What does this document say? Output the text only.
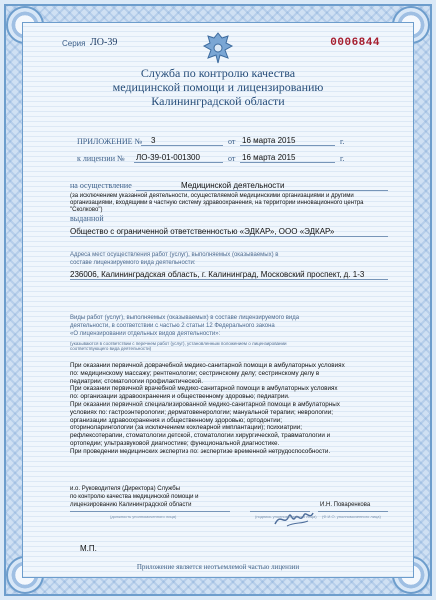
Серия ЛО-39	0006844
Служба по контролю качества
медицинской помощи и лицензированию
Калининградской области
ПРИЛОЖЕНИЕ № 3	от 16 марта 2015	г.
к лицензии № ЛО-39-01-001300	от 16 марта 2015	г.
на осуществление	Медицинской деятельности
(за исключением указанной деятельности, осуществляемой медицинскими организациями и другими организациями, входящими в частную систему здравоохранения, на территории инновационного центра "Сколково")
выданной
Общество с ограниченной ответственностью «ЭДКАР», ООО «ЭДКАР»
Адреса мест осуществления работ (услуг), выполняемых (оказываемых) в
составе лицензируемого вида деятельности:
236006, Калининградская область, г. Калининград, Московский проспект, д. 1-3
Виды работ (услуг), выполняемых (оказываемых) в составе лицензируемого вида
деятельности, в соответствии с частью 2 статьи 12 Федерального закона
«О лицензировании отдельных видов деятельности»:
(указываются в соответствии с перечнем работ (услуг), установленным положением о лицензировании
соответствующего вида деятельности)
При оказании первичной доврачебной медико-санитарной помощи в амбулаторных условиях
по: медицинскому массажу; рентгенологии; сестринскому делу; сестринскому делу в
педиатрии; стоматологии профилактической.
При оказании первичной врачебной медико-санитарной помощи в амбулаторных условиях
по: организации здравоохранения и общественному здоровью; педиатрии.
При оказании первичной специализированной медико-санитарной помощи в амбулаторных
условиях по: гастроэнтерологии; дерматовенерологии; мануальной терапии; неврологии;
организации здравоохранения и общественному здоровью; ортодонтии;
оториноларингологии (за исключением кохлеарной имплантации); психиатрии;
рефлексотерапии, стоматологии детской, стоматологии хирургической, травматологии и
ортопедии; ультразвуковой диагностике; функциональной диагностике.
При проведении медицинских экспертиз по: экспертизе временной нетрудоспособности.
и.о. Руководителя (Директора) Службы
по контролю качества медицинской помощи и
лицензированию Калининградской области
(должность уполномоченного лица)	(подпись уполномоченного лица)
И.Н. Поваренкова
(Ф.И.О. уполномоченного лица)
М.П.
Приложение является неотъемлемой частью лицензии
